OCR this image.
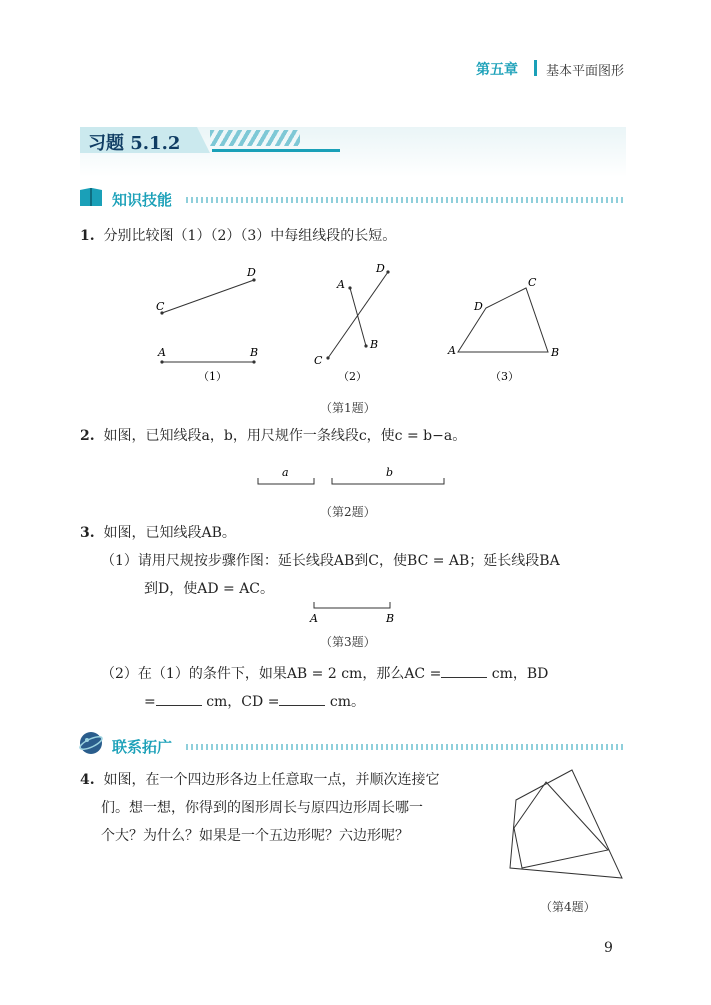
第五章 基本平面图形
习题 5.1.2
知识技能
1. 分别比较图（1）（2）（3）中每组线段的长短。
C
D
A	B
（1）
A
B
C
D
（2）
A	B
C
D
（3）
（第1题）
2. 如图，已知线段a，b，用尺规作一条线段c，使c = b−a。
a	b
（第2题）
3. 如图，已知线段AB。
（1）请用尺规按步骤作图：延长线段AB到C，使BC = AB；延长线段BA
到D，使AD = AC。
A	B
（第3题）
（2）在（1）的条件下，如果AB = 2 cm，那么AC =	cm，BD
=	cm，CD =	cm。
联系拓广
4. 如图，在一个四边形各边上任意取一点，并顺次连接它
们。想一想，你得到的图形周长与原四边形周长哪一
个大？为什么？如果是一个五边形呢？六边形呢？
（第4题）
9
